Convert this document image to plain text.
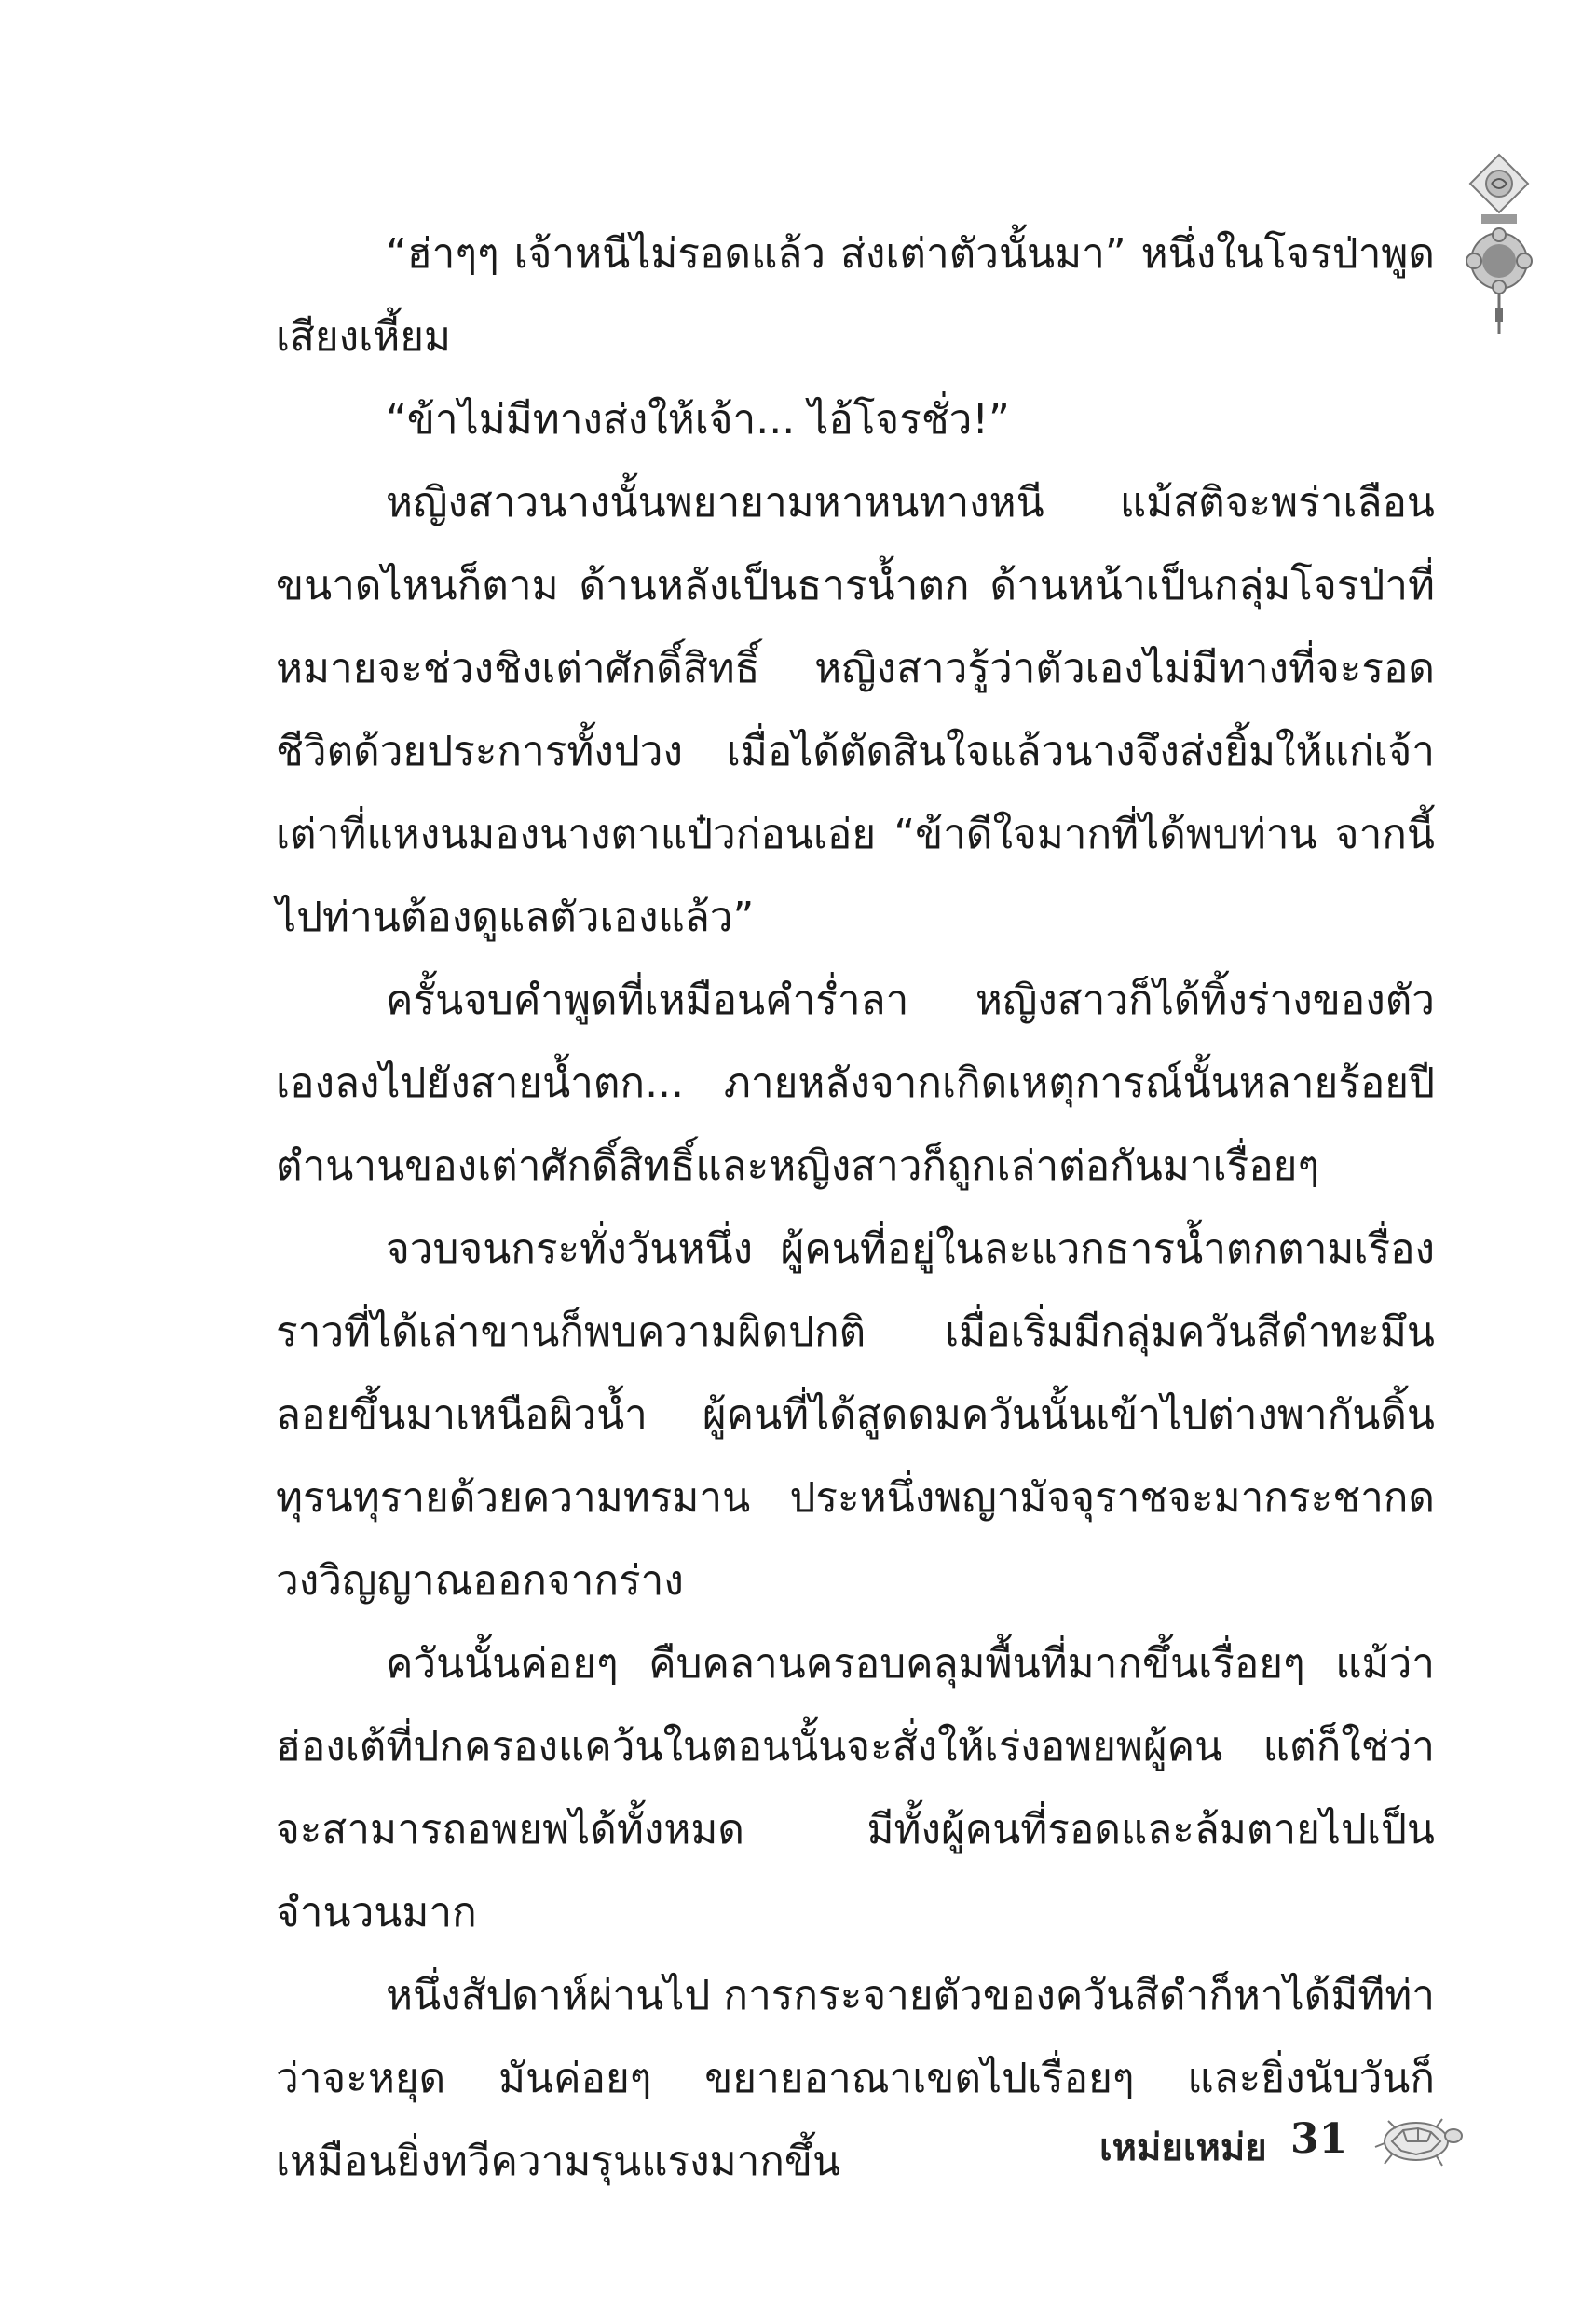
“ฮ่าๆๆ เจ้าหนีไม่รอดแล้ว ส่งเต่าตัวนั้นมา” หนึ่งในโจรป่าพูดเสียงเหี้ยม

“ข้าไม่มีทางส่งให้เจ้า... ไอ้โจรชั่ว!”

หญิงสาวนางนั้นพยายามหาหนทางหนี แม้สติจะพร่าเลือนขนาดไหนก็ตาม ด้านหลังเป็นธารน้ำตก ด้านหน้าเป็นกลุ่มโจรป่าที่หมายจะช่วงชิงเต่าศักดิ์สิทธิ์ หญิงสาวรู้ว่าตัวเองไม่มีทางที่จะรอดชีวิตด้วยประการทั้งปวง เมื่อได้ตัดสินใจแล้วนางจึงส่งยิ้มให้แก่เจ้าเต่าที่แหงนมองนางตาแป๋วก่อนเอ่ย “ข้าดีใจมากที่ได้พบท่าน จากนี้ไปท่านต้องดูแลตัวเองแล้ว”

ครั้นจบคำพูดที่เหมือนคำร่ำลา หญิงสาวก็ได้ทิ้งร่างของตัวเองลงไปยังสายน้ำตก... ภายหลังจากเกิดเหตุการณ์นั้นหลายร้อยปี ตำนานของเต่าศักดิ์สิทธิ์และหญิงสาวก็ถูกเล่าต่อกันมาเรื่อยๆ

จวบจนกระทั่งวันหนึ่ง ผู้คนที่อยู่ในละแวกธารน้ำตกตามเรื่องราวที่ได้เล่าขานก็พบความผิดปกติ เมื่อเริ่มมีกลุ่มควันสีดำทะมึนลอยขึ้นมาเหนือผิวน้ำ ผู้คนที่ได้สูดดมควันนั้นเข้าไปต่างพากันดิ้นทุรนทุรายด้วยความทรมาน ประหนึ่งพญามัจจุราชจะมากระชากดวงวิญญาณออกจากร่าง

ควันนั้นค่อยๆ คืบคลานครอบคลุมพื้นที่มากขึ้นเรื่อยๆ แม้ว่าฮ่องเต้ที่ปกครองแคว้นในตอนนั้นจะสั่งให้เร่งอพยพผู้คน แต่ก็ใช่ว่าจะสามารถอพยพได้ทั้งหมด มีทั้งผู้คนที่รอดและล้มตายไปเป็นจำนวนมาก

หนึ่งสัปดาห์ผ่านไป การกระจายตัวของควันสีดำก็หาได้มีทีท่าว่าจะหยุด มันค่อยๆ ขยายอาณาเขตไปเรื่อยๆ และยิ่งนับวันก็เหมือนยิ่งทวีความรุนแรงมากขึ้น	เหม่ยเหม่ย 31
